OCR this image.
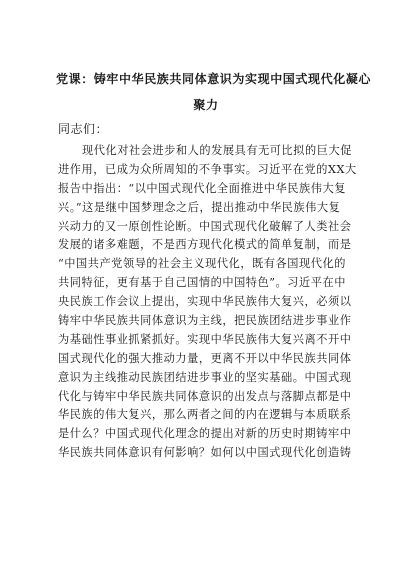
党课：铸牢中华民族共同体意识为实现中国式现代化凝心
聚力
同志们：
现代化对社会进步和人的发展具有无可比拟的巨大促
进作用，已成为众所周知的不争事实。习近平在党的XX大
报告中指出：“以中国式现代化全面推进中华民族伟大复
兴。”这是继中国梦理念之后，提出推动中华民族伟大复
兴动力的又一原创性论断。中国式现代化破解了人类社会
发展的诸多难题，不是西方现代化模式的简单复制，而是
“中国共产党领导的社会主义现代化，既有各国现代化的
共同特征，更有基于自己国情的中国特色”。习近平在中
央民族工作会议上提出，实现中华民族伟大复兴，必须以
铸牢中华民族共同体意识为主线，把民族团结进步事业作
为基础性事业抓紧抓好。实现中华民族伟大复兴离不开中
国式现代化的强大推动力量，更离不开以中华民族共同体
意识为主线推动民族团结进步事业的坚实基础。中国式现
代化与铸牢中华民族共同体意识的出发点与落脚点都是中
华民族的伟大复兴，那么两者之间的内在逻辑与本质联系
是什么？中国式现代化理念的提出对新的历史时期铸牢中
华民族共同体意识有何影响？如何以中国式现代化创造铸
